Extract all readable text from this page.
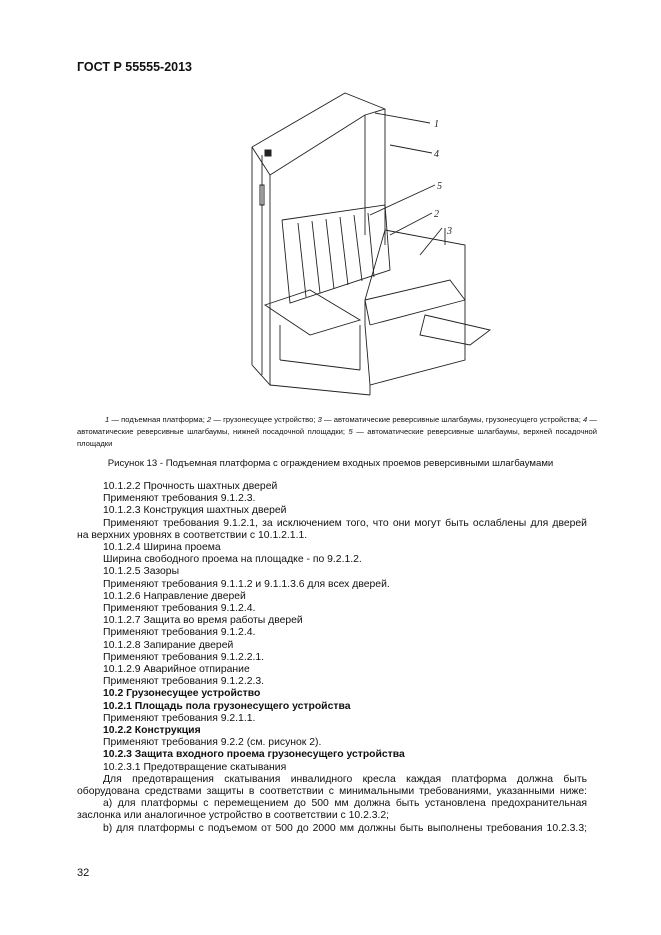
ГОСТ Р 55555-2013
1
4
5
2
3
1 — подъемная платформа; 2 — грузонесущее устройство; 3 — автоматические реверсивные шлагбаумы, грузонесущего устройства; 4 — автоматические реверсивные шлагбаумы, нижней посадочной площадки; 5 — автоматические реверсивные шлагбаумы, верхней посадочной площадки
Рисунок 13 - Подъемная платформа с ограждением входных проемов реверсивными шлагбаумами

10.1.2.2 Прочность шахтных дверей

Применяют требования 9.1.2.3.

10.1.2.3 Конструкция шахтных дверей

Применяют требования 9.1.2.1, за исключением того, что они могут быть ослаблены для дверей

на верхних уровнях в соответствии с 10.1.2.1.1.

10.1.2.4 Ширина проема

Ширина свободного проема на площадке - по 9.2.1.2.

10.1.2.5 Зазоры

Применяют требования 9.1.1.2 и 9.1.1.3.6 для всех дверей.

10.1.2.6 Направление дверей

Применяют требования 9.1.2.4.

10.1.2.7 Защита во время работы дверей

Применяют требования 9.1.2.4.

10.1.2.8 Запирание дверей

Применяют требования 9.1.2.2.1.

10.1.2.9 Аварийное отпирание

Применяют требования 9.1.2.2.3.

10.2 Грузонесущее устройство

10.2.1 Площадь пола грузонесущего устройства

Применяют требования 9.2.1.1.

10.2.2 Конструкция

Применяют требования 9.2.2 (см. рисунок 2).

10.2.3 Защита входного проема грузонесущего устройства

10.2.3.1 Предотвращение скатывания

Для предотвращения скатывания инвалидного кресла каждая платформа должна быть

оборудована средствами защиты в соответствии с минимальными требованиями, указанными ниже:

а) для платформы с перемещением до 500 мм должна быть установлена предохранительная

заслонка или аналогичное устройство в соответствии с 10.2.3.2;

b) для платформы с подъемом от 500 до 2000 мм должны быть выполнены требования 10.2.3.3;

32
